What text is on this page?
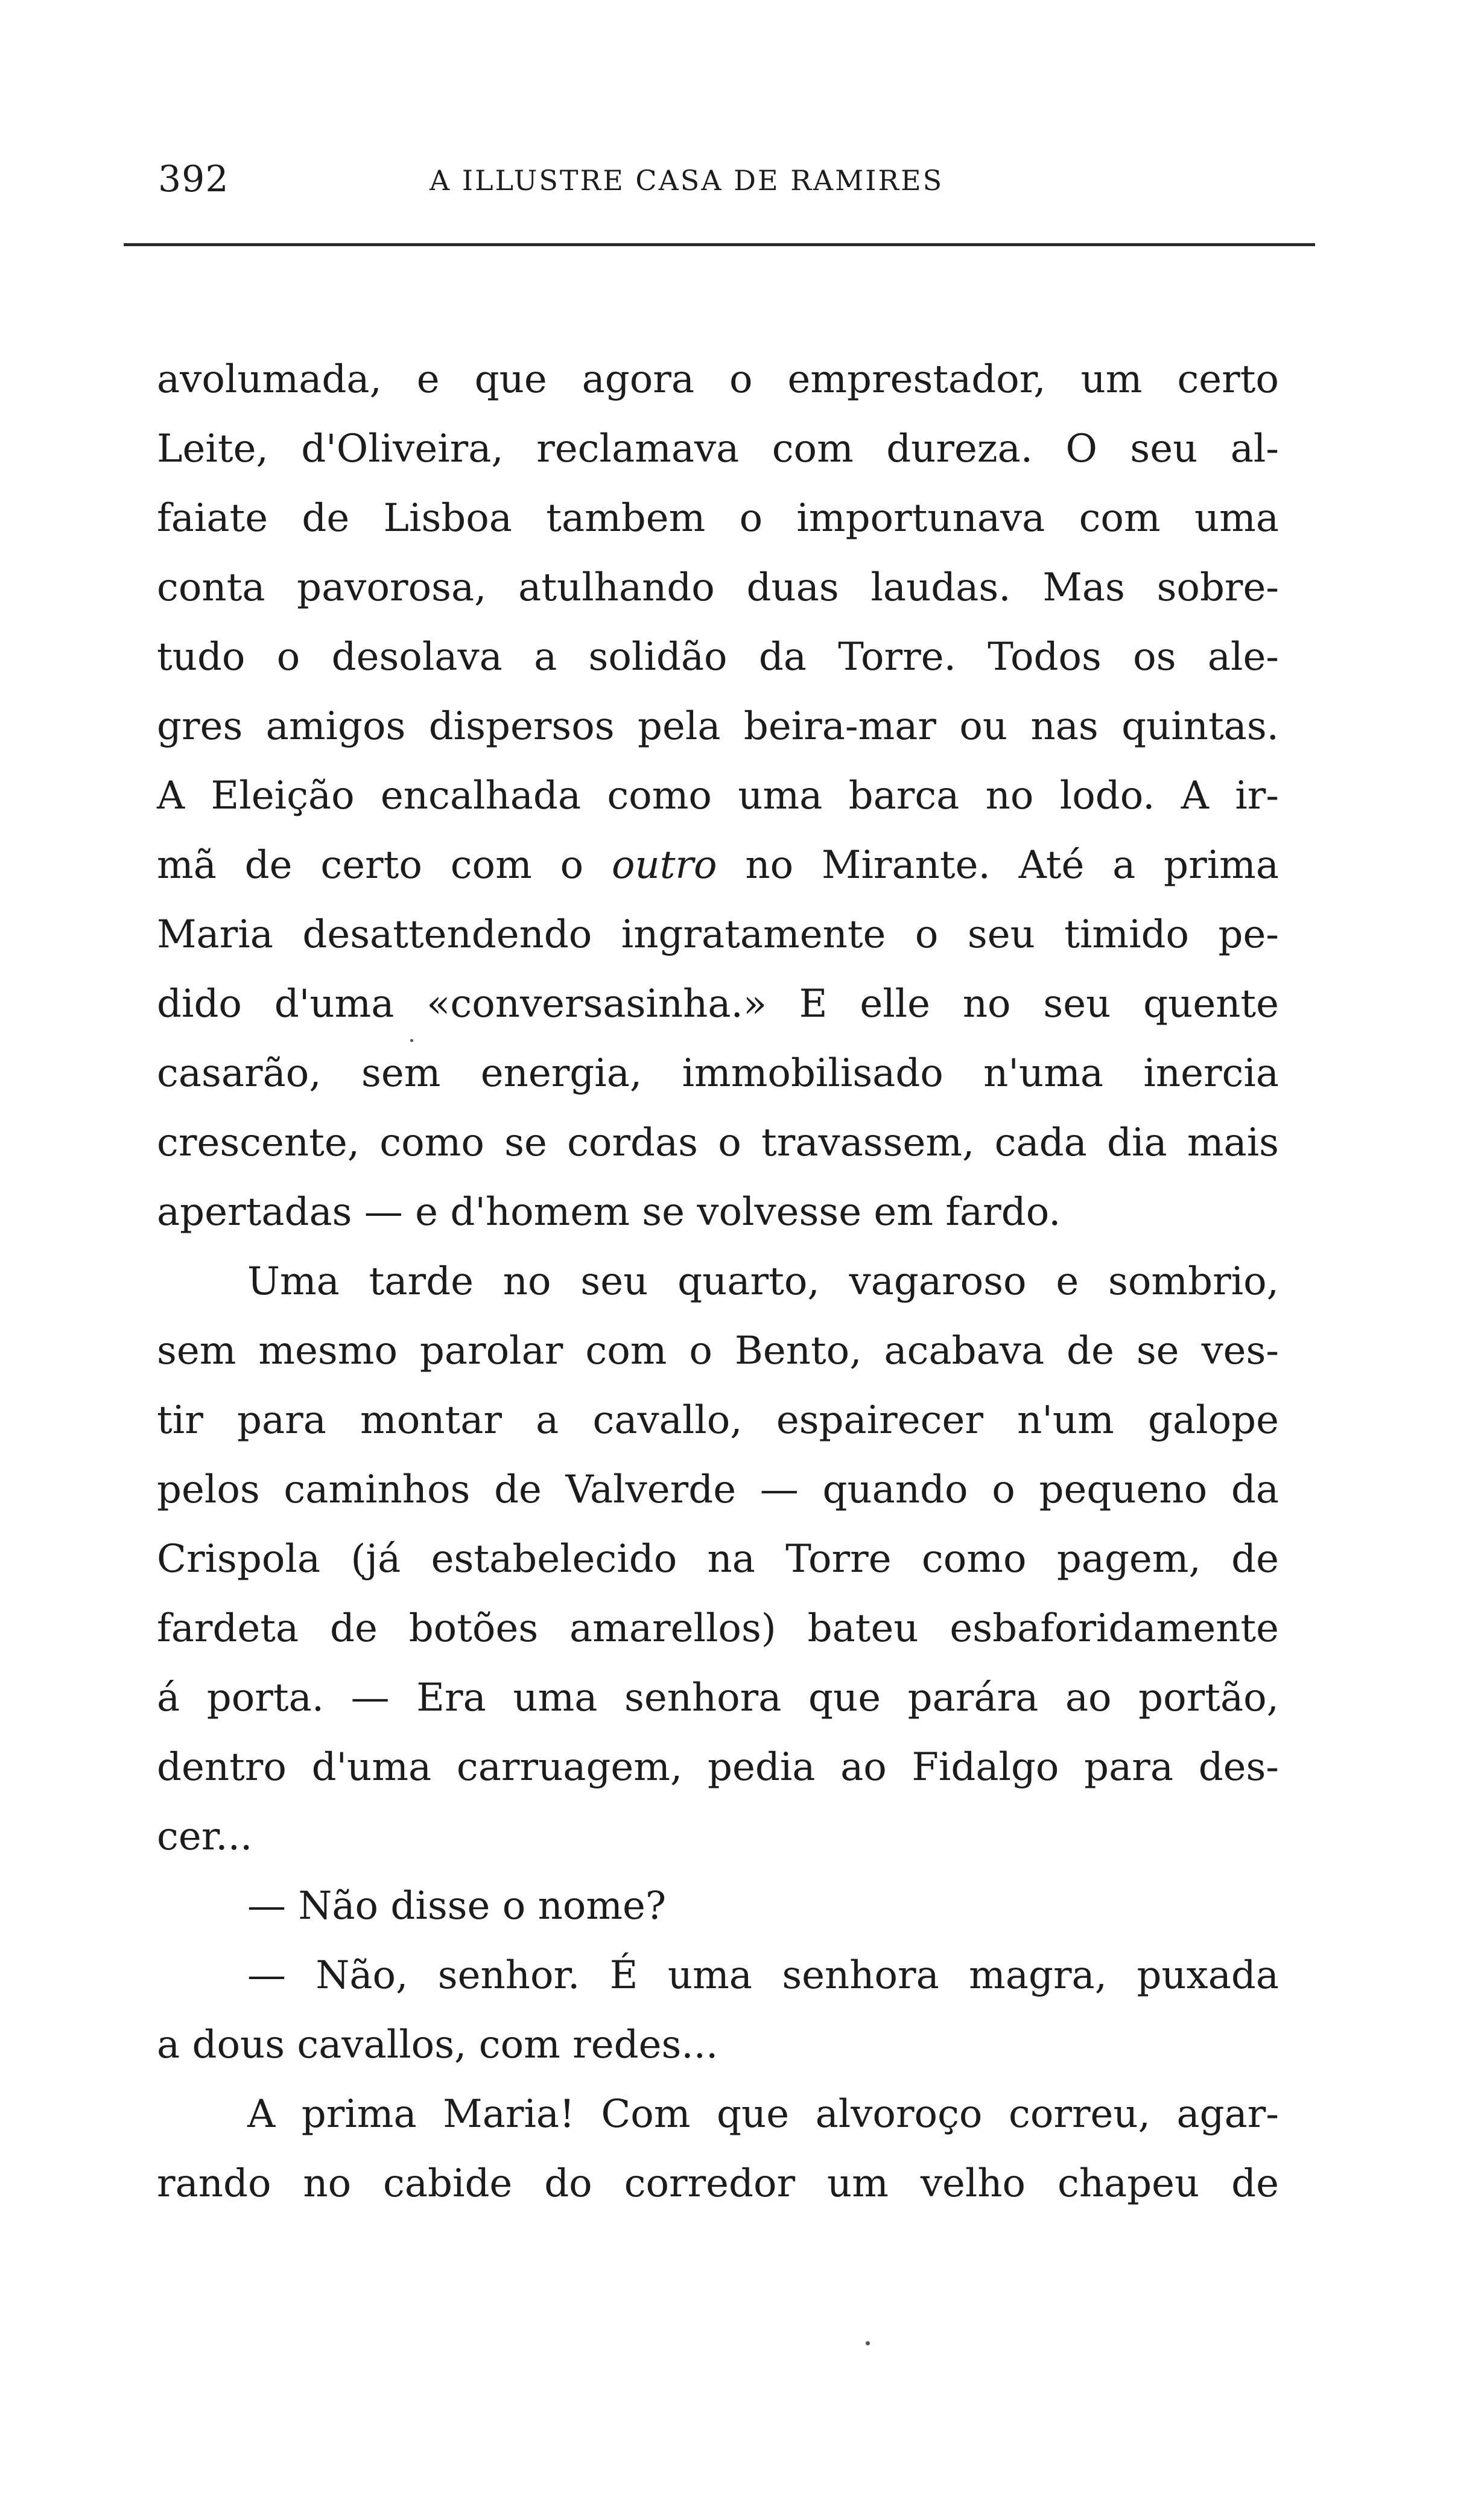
392	A ILLUSTRE CASA DE RAMIRES
avolumada, e que agora o emprestador, um certo
Leite, d'Oliveira, reclamava com dureza. O seu al-
faiate de Lisboa tambem o importunava com uma
conta pavorosa, atulhando duas laudas. Mas sobre-
tudo o desolava a solidão da Torre. Todos os ale-
gres amigos dispersos pela beira-mar ou nas quintas.
A Eleição encalhada como uma barca no lodo. A ir-
mã de certo com o outro no Mirante. Até a prima
Maria desattendendo ingratamente o seu timido pe-
dido d'uma «conversasinha.» E elle no seu quente
casarão, sem energia, immobilisado n'uma inercia
crescente, como se cordas o travassem, cada dia mais
apertadas — e d'homem se volvesse em fardo.
Uma tarde no seu quarto, vagaroso e sombrio,
sem mesmo parolar com o Bento, acabava de se ves-
tir para montar a cavallo, espairecer n'um galope
pelos caminhos de Valverde — quando o pequeno da
Crispola (já estabelecido na Torre como pagem, de
fardeta de botões amarellos) bateu esbaforidamente
á porta. — Era uma senhora que parára ao portão,
dentro d'uma carruagem, pedia ao Fidalgo para des-
cer...
— Não disse o nome?
— Não, senhor. É uma senhora magra, puxada
a dous cavallos, com redes...
A prima Maria! Com que alvoroço correu, agar-
rando no cabide do corredor um velho chapeu de
